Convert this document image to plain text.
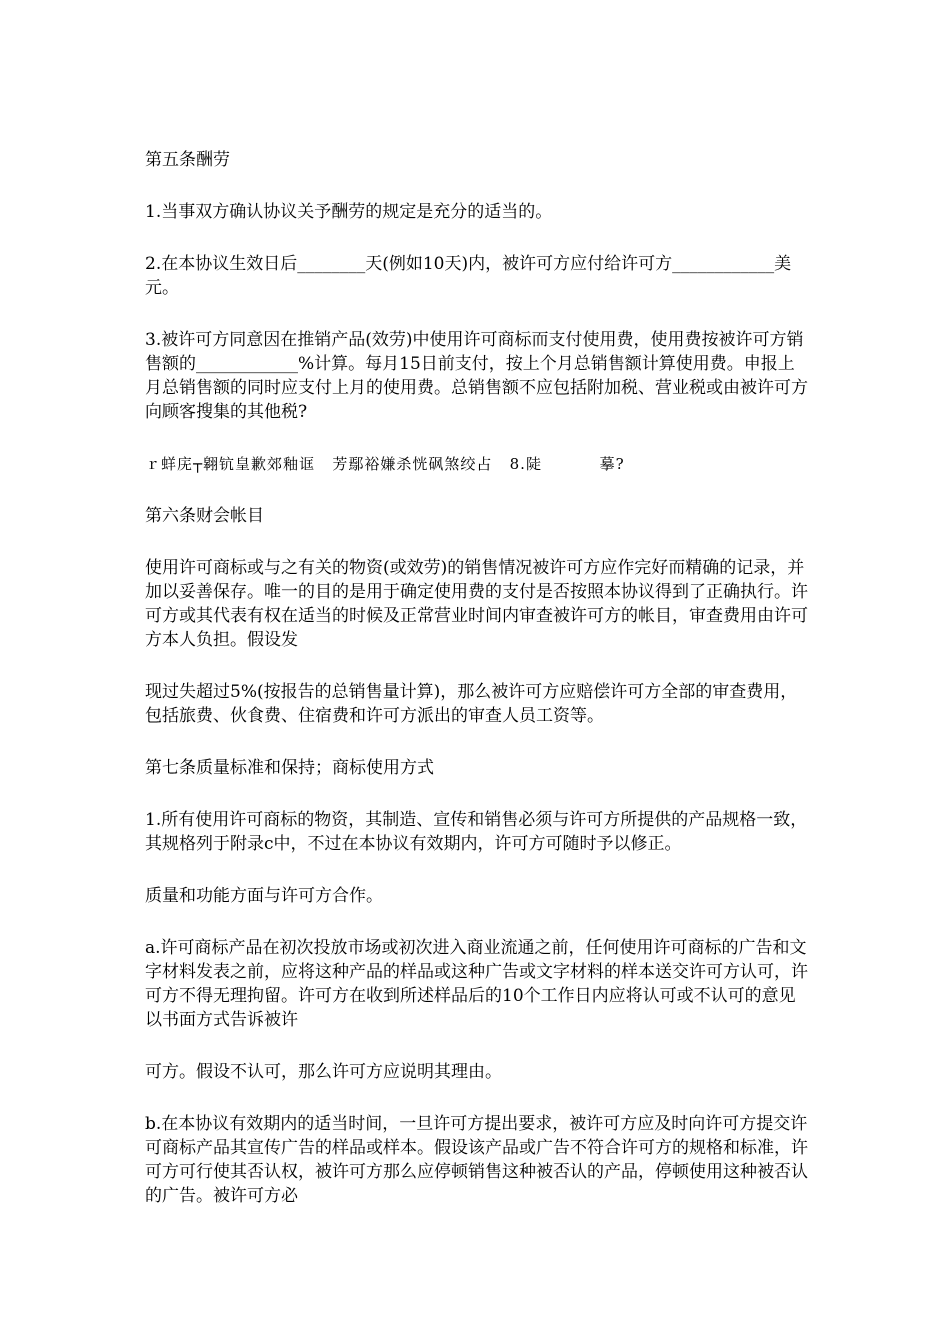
第五条酬劳

1.当事双方确认协议关予酬劳的规定是充分的适当的。

2.在本协议生效日后________天(例如10天)内，被许可方应付给许可方____________美元。

3.被许可方同意因在推销产品(效劳)中使用许可商标而支付使用费，使用费按被许可方销售额的____________%计算。每月15日前支付，按上个月总销售额计算使用费。申报上月总销售额的同时应支付上月的使用费。总销售额不应包括附加税、营业税或由被许可方向顾客搜集的其他税?

ｒ蛘庑┬翱钪皇歉郊釉诓   芳鄢裕嫌杀恍砜煞绞占   8.陡          摹?

第六条财会帐目

使用许可商标或与之有关的物资(或效劳)的销售情况被许可方应作完好而精确的记录，并加以妥善保存。唯一的目的是用于确定使用费的支付是否按照本协议得到了正确执行。许可方或其代表有权在适当的时候及正常营业时间内审查被许可方的帐目，审查费用由许可方本人负担。假设发

现过失超过5%(按报告的总销售量计算)，那么被许可方应赔偿许可方全部的审查费用，包括旅费、伙食费、住宿费和许可方派出的审查人员工资等。

第七条质量标准和保持；商标使用方式

1.所有使用许可商标的物资，其制造、宣传和销售必须与许可方所提供的产品规格一致，其规格列于附录c中，不过在本协议有效期内，许可方可随时予以修正。

质量和功能方面与许可方合作。

a.许可商标产品在初次投放市场或初次进入商业流通之前，任何使用许可商标的广告和文字材料发表之前，应将这种产品的样品或这种广告或文字材料的样本送交许可方认可，许可方不得无理拘留。许可方在收到所述样品后的10个工作日内应将认可或不认可的意见以书面方式告诉被许

可方。假设不认可，那么许可方应说明其理由。

b.在本协议有效期内的适当时间，一旦许可方提出要求，被许可方应及时向许可方提交许可商标产品其宣传广告的样品或样本。假设该产品或广告不符合许可方的规格和标准，许可方可行使其否认权，被许可方那么应停顿销售这种被否认的产品，停顿使用这种被否认的广告。被许可方必
